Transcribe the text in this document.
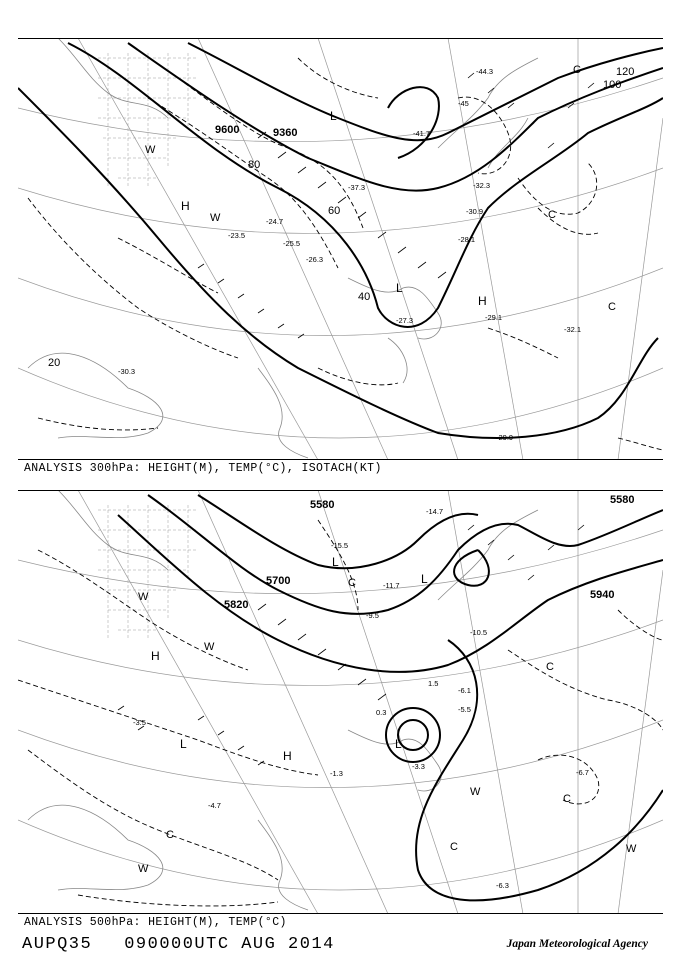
9600	9360
20
40
60
80
100
120
-45
-44.3
-41.7
-37.3	-32.3
-30.9
-28.1
-27.3
-26.3
-25.5
-24.7
-23.5
-29.1
-32.1
-29.9
-30.3
H
H
L
L
W
W	C
C
C
ANALYSIS 300hPa: HEIGHT(M), TEMP(°C), ISOTACH(KT)
5580
5700
5820
5940
5580
-15.5
-14.7
-11.7
-10.5
-9.5
-6.1
-5.5
-3.3
-6.7
-6.3
-4.7
-3.5
-1.3
1.5
0.3
L
L
L	L
H
H
W
W
W
W
W
C
C
C
C
C
ANALYSIS 500hPa: HEIGHT(M), TEMP(°C)
AUPQ35 090000UTC AUG 2014	Japan Meteorological Agency
